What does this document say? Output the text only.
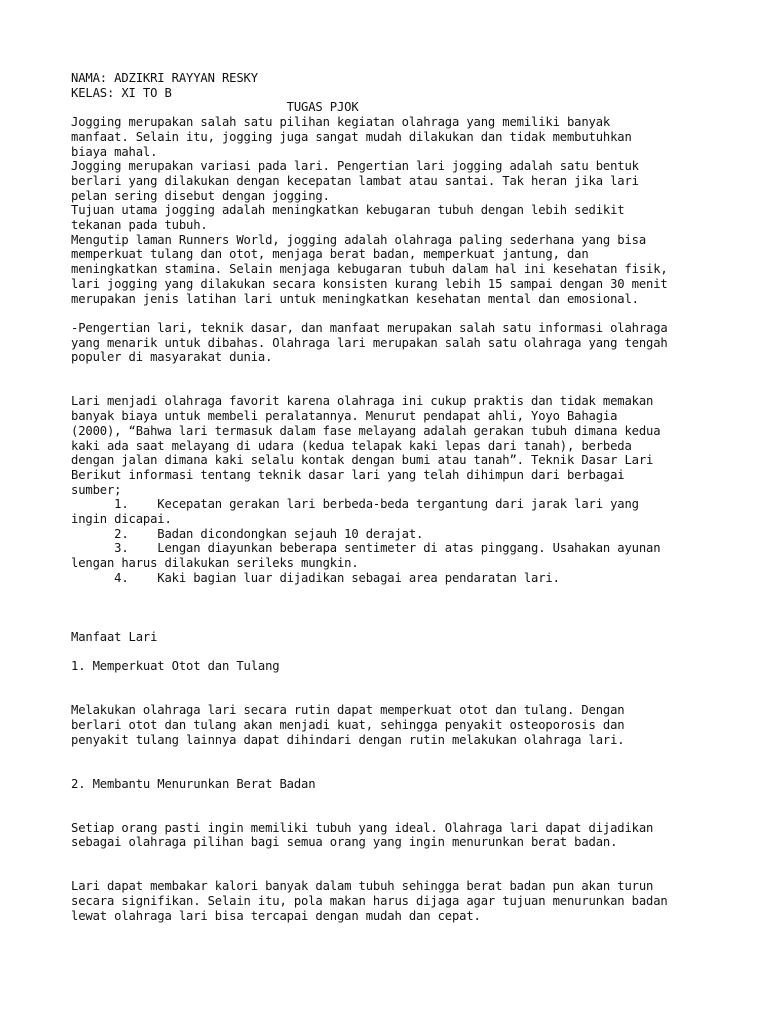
NAMA: ADZIKRI RAYYAN RESKY
KELAS: XI TO B
TUGAS PJOK
Jogging merupakan salah satu pilihan kegiatan olahraga yang memiliki banyak
manfaat. Selain itu, jogging juga sangat mudah dilakukan dan tidak membutuhkan
biaya mahal.
Jogging merupakan variasi pada lari. Pengertian lari jogging adalah satu bentuk
berlari yang dilakukan dengan kecepatan lambat atau santai. Tak heran jika lari
pelan sering disebut dengan jogging.
Tujuan utama jogging adalah meningkatkan kebugaran tubuh dengan lebih sedikit
tekanan pada tubuh.
Mengutip laman Runners World, jogging adalah olahraga paling sederhana yang bisa
memperkuat tulang dan otot, menjaga berat badan, memperkuat jantung, dan
meningkatkan stamina. Selain menjaga kebugaran tubuh dalam hal ini kesehatan fisik,
lari jogging yang dilakukan secara konsisten kurang lebih 15 sampai dengan 30 menit
merupakan jenis latihan lari untuk meningkatkan kesehatan mental dan emosional.
-Pengertian lari, teknik dasar, dan manfaat merupakan salah satu informasi olahraga
yang menarik untuk dibahas. Olahraga lari merupakan salah satu olahraga yang tengah
populer di masyarakat dunia.
Lari menjadi olahraga favorit karena olahraga ini cukup praktis dan tidak memakan
banyak biaya untuk membeli peralatannya. Menurut pendapat ahli, Yoyo Bahagia
(2000), “Bahwa lari termasuk dalam fase melayang adalah gerakan tubuh dimana kedua
kaki ada saat melayang di udara (kedua telapak kaki lepas dari tanah), berbeda
dengan jalan dimana kaki selalu kontak dengan bumi atau tanah”. Teknik Dasar Lari
Berikut informasi tentang teknik dasar lari yang telah dihimpun dari berbagai
sumber;
1.    Kecepatan gerakan lari berbeda-beda tergantung dari jarak lari yang
ingin dicapai.
2.    Badan dicondongkan sejauh 10 derajat.
3.    Lengan diayunkan beberapa sentimeter di atas pinggang. Usahakan ayunan
lengan harus dilakukan serileks mungkin.
4.    Kaki bagian luar dijadikan sebagai area pendaratan lari.
Manfaat Lari
1. Memperkuat Otot dan Tulang
Melakukan olahraga lari secara rutin dapat memperkuat otot dan tulang. Dengan
berlari otot dan tulang akan menjadi kuat, sehingga penyakit osteoporosis dan
penyakit tulang lainnya dapat dihindari dengan rutin melakukan olahraga lari.
2. Membantu Menurunkan Berat Badan
Setiap orang pasti ingin memiliki tubuh yang ideal. Olahraga lari dapat dijadikan
sebagai olahraga pilihan bagi semua orang yang ingin menurunkan berat badan.
Lari dapat membakar kalori banyak dalam tubuh sehingga berat badan pun akan turun
secara signifikan. Selain itu, pola makan harus dijaga agar tujuan menurunkan badan
lewat olahraga lari bisa tercapai dengan mudah dan cepat.
